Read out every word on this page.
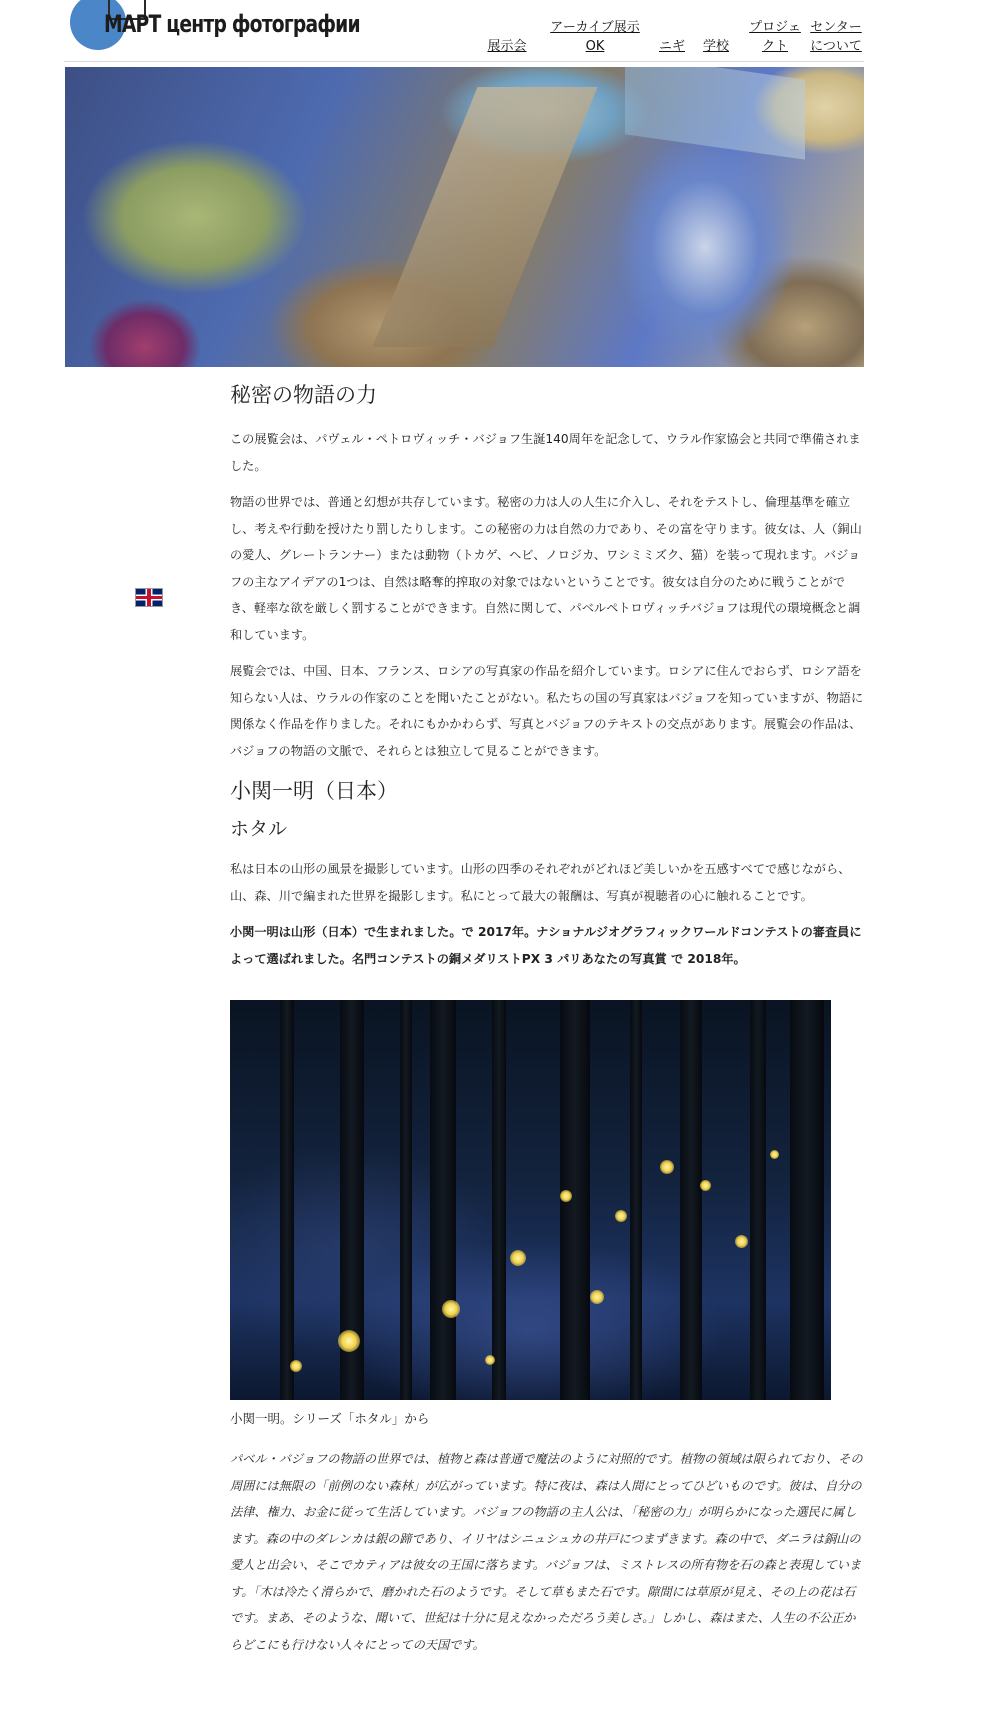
МАРТ центр фотографии
展示会
アーカイブ展示 OK	ニギ 学校
プロジェ クト
センター について
秘密の物語の力

この展覧会は、パヴェル・ペトロヴィッチ・バジョフ生誕140周年を記念して、ウラル作家協会と共同で準備されました。

物語の世界では、普通と幻想が共存しています。秘密の力は人の人生に介入し、それをテストし、倫理基準を確立し、考えや行動を授けたり罰したりします。この秘密の力は自然の力であり、その富を守ります。彼女は、人（銅山の愛人、グレートランナー）または動物（トカゲ、ヘビ、ノロジカ、ワシミミズク、猫）を装って現れます。バジョフの主なアイデアの1つは、自然は略奪的搾取の対象ではないということです。彼女は自分のために戦うことができ、軽率な欲を厳しく罰することができます。自然に関して、パベルペトロヴィッチバジョフは現代の環境概念と調和しています。

展覧会では、中国、日本、フランス、ロシアの写真家の作品を紹介しています。ロシアに住んでおらず、ロシア語を知らない人は、ウラルの作家のことを聞いたことがない。私たちの国の写真家はバジョフを知っていますが、物語に関係なく作品を作りました。それにもかかわらず、写真とバジョフのテキストの交点があります。展覧会の作品は、バジョフの物語の文脈で、それらとは独立して見ることができます。

小関一明（日本）
ホタル

私は日本の山形の風景を撮影しています。山形の四季のそれぞれがどれほど美しいかを五感すべてで感じながら、山、森、川で編まれた世界を撮影します。私にとって最大の報酬は、写真が視聴者の心に触れることです。

小関一明は山形（日本）で生まれました。で 2017年。ナショナルジオグラフィックワールドコンテストの審査員によって選ばれました。名門コンテストの銅メダリストPX 3 パリあなたの写真賞 で 2018年。

小関一明。シリーズ「ホタル」から

パベル・バジョフの物語の世界では、植物と森は普通で魔法のように対照的です。植物の領域は限られており、その周囲には無限の「前例のない森林」が広がっています。特に夜は、森は人間にとってひどいものです。彼は、自分の法律、権力、お金に従って生活しています。バジョフの物語の主人公は、「秘密の力」が明らかになった選民に属します。森の中のダレンカは銀の蹄であり、イリヤはシニュシュカの井戸につまずきます。森の中で、ダニラは銅山の愛人と出会い、そこでカティアは彼女の王国に落ちます。バジョフは、ミストレスの所有物を石の森と表現しています。「木は冷たく滑らかで、磨かれた石のようです。そして草もまた石です。隙間には草原が見え、その上の花は石です。まあ、そのような、聞いて、世紀は十分に見えなかっただろう美しさ。」しかし、森はまた、人生の不公正からどこにも行けない人々にとっての天国です。
